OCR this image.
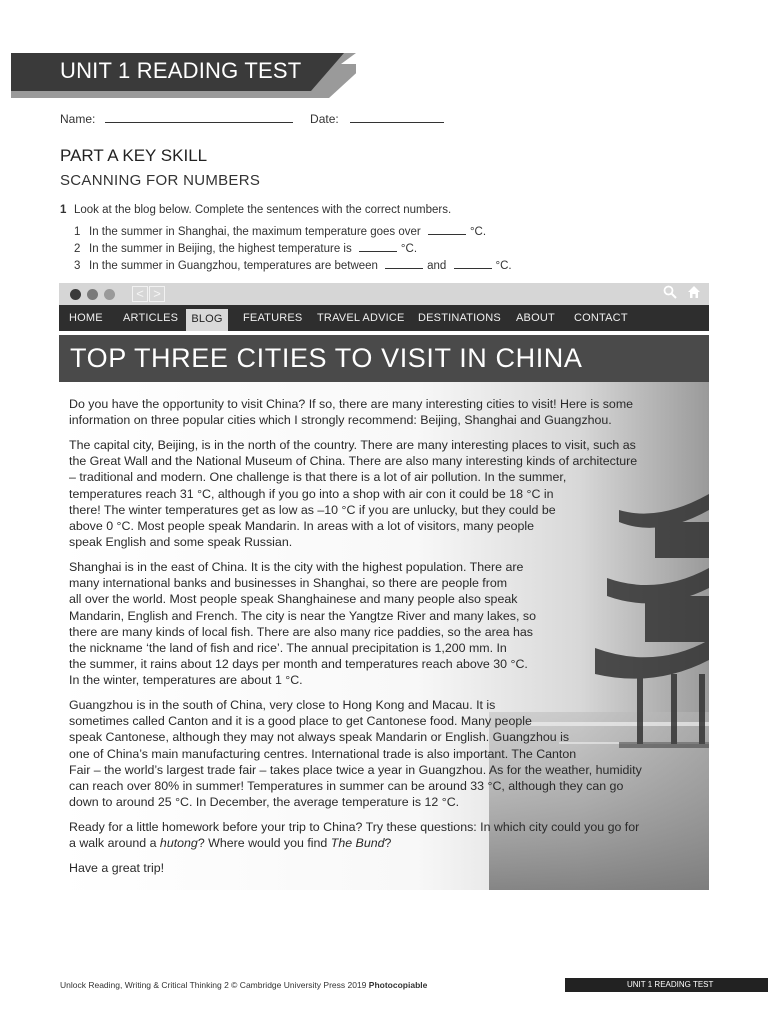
UNIT 1 READING TEST
Name:	Date:
PART A KEY SKILL
SCANNING FOR NUMBERS
1 Look at the blog below. Complete the sentences with the correct numbers.
1 In the summer in Shanghai, the maximum temperature goes over	°C.
2 In the summer in Beijing, the highest temperature is	°C.
3 In the summer in Guangzhou, temperatures are between	and	°C.
< >
HOME ARTICLES	BLOG	FEATURES TRAVEL ADVICE DESTINATIONS ABOUT CONTACT
TOP THREE CITIES TO VISIT IN CHINA
Do you have the opportunity to visit China? If so, there are many interesting cities to visit! Here is some
information on three popular cities which I strongly recommend: Beijing, Shanghai and Guangzhou.
The capital city, Beijing, is in the north of the country. There are many interesting places to visit, such as
the Great Wall and the National Museum of China. There are also many interesting kinds of architecture
– traditional and modern. One challenge is that there is a lot of air pollution. In the summer,
temperatures reach 31 °C, although if you go into a shop with air con it could be 18 °C in
there! The winter temperatures get as low as –10 °C if you are unlucky, but they could be
above 0 °C. Most people speak Mandarin. In areas with a lot of visitors, many people
speak English and some speak Russian.
Shanghai is in the east of China. It is the city with the highest population. There are
many international banks and businesses in Shanghai, so there are people from
all over the world. Most people speak Shanghainese and many people also speak
Mandarin, English and French. The city is near the Yangtze River and many lakes, so
there are many kinds of local fish. There are also many rice paddies, so the area has
the nickname ‘the land of fish and rice’. The annual precipitation is 1,200 mm. In
the summer, it rains about 12 days per month and temperatures reach above 30 °C.
In the winter, temperatures are about 1 °C.
Guangzhou is in the south of China, very close to Hong Kong and Macau. It is
sometimes called Canton and it is a good place to get Cantonese food. Many people
speak Cantonese, although they may not always speak Mandarin or English. Guangzhou is
one of China’s main manufacturing centres. International trade is also important. The Canton
Fair – the world’s largest trade fair – takes place twice a year in Guangzhou. As for the weather, humidity
can reach over 80% in summer! Temperatures in summer can be around 33 °C, although they can go
down to around 25 °C. In December, the average temperature is 12 °C.
Ready for a little homework before your trip to China? Try these questions: In which city could you go for
a walk around a hutong? Where would you find The Bund?
Have a great trip!
Unlock Reading, Writing & Critical Thinking 2 © Cambridge University Press 2019 Photocopiable	UNIT 1 READING TEST
